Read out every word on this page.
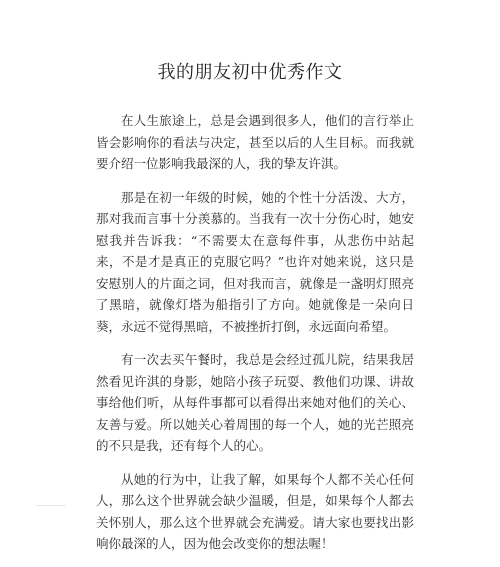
我的朋友初中优秀作文

在人生旅途上，总是会遇到很多人，他们的言行举止皆会影响你的看法与决定，甚至以后的人生目标。而我就要介绍一位影响我最深的人，我的挚友许淇。

那是在初一年级的时候，她的个性十分活泼、大方，那对我而言事十分羡慕的。当我有一次十分伤心时，她安慰我并告诉我：“不需要太在意每件事，从悲伤中站起来，不是才是真正的克服它吗？”也许对她来说，这只是安慰别人的片面之词，但对我而言，就像是一盏明灯照亮了黑暗，就像灯塔为船指引了方向。她就像是一朵向日葵，永远不觉得黑暗，不被挫折打倒，永远面向希望。

有一次去买午餐时，我总是会经过孤儿院，结果我居然看见许淇的身影，她陪小孩子玩耍、教他们功课、讲故事给他们听，从每件事都可以看得出来她对他们的关心、友善与爱。所以她关心着周围的每一个人，她的光芒照亮的不只是我，还有每个人的心。

从她的行为中，让我了解，如果每个人都不关心任何人，那么这个世界就会缺少温暖，但是，如果每个人都去关怀别人，那么这个世界就会充满爱。请大家也要找出影响你最深的人，因为他会改变你的想法喔！
